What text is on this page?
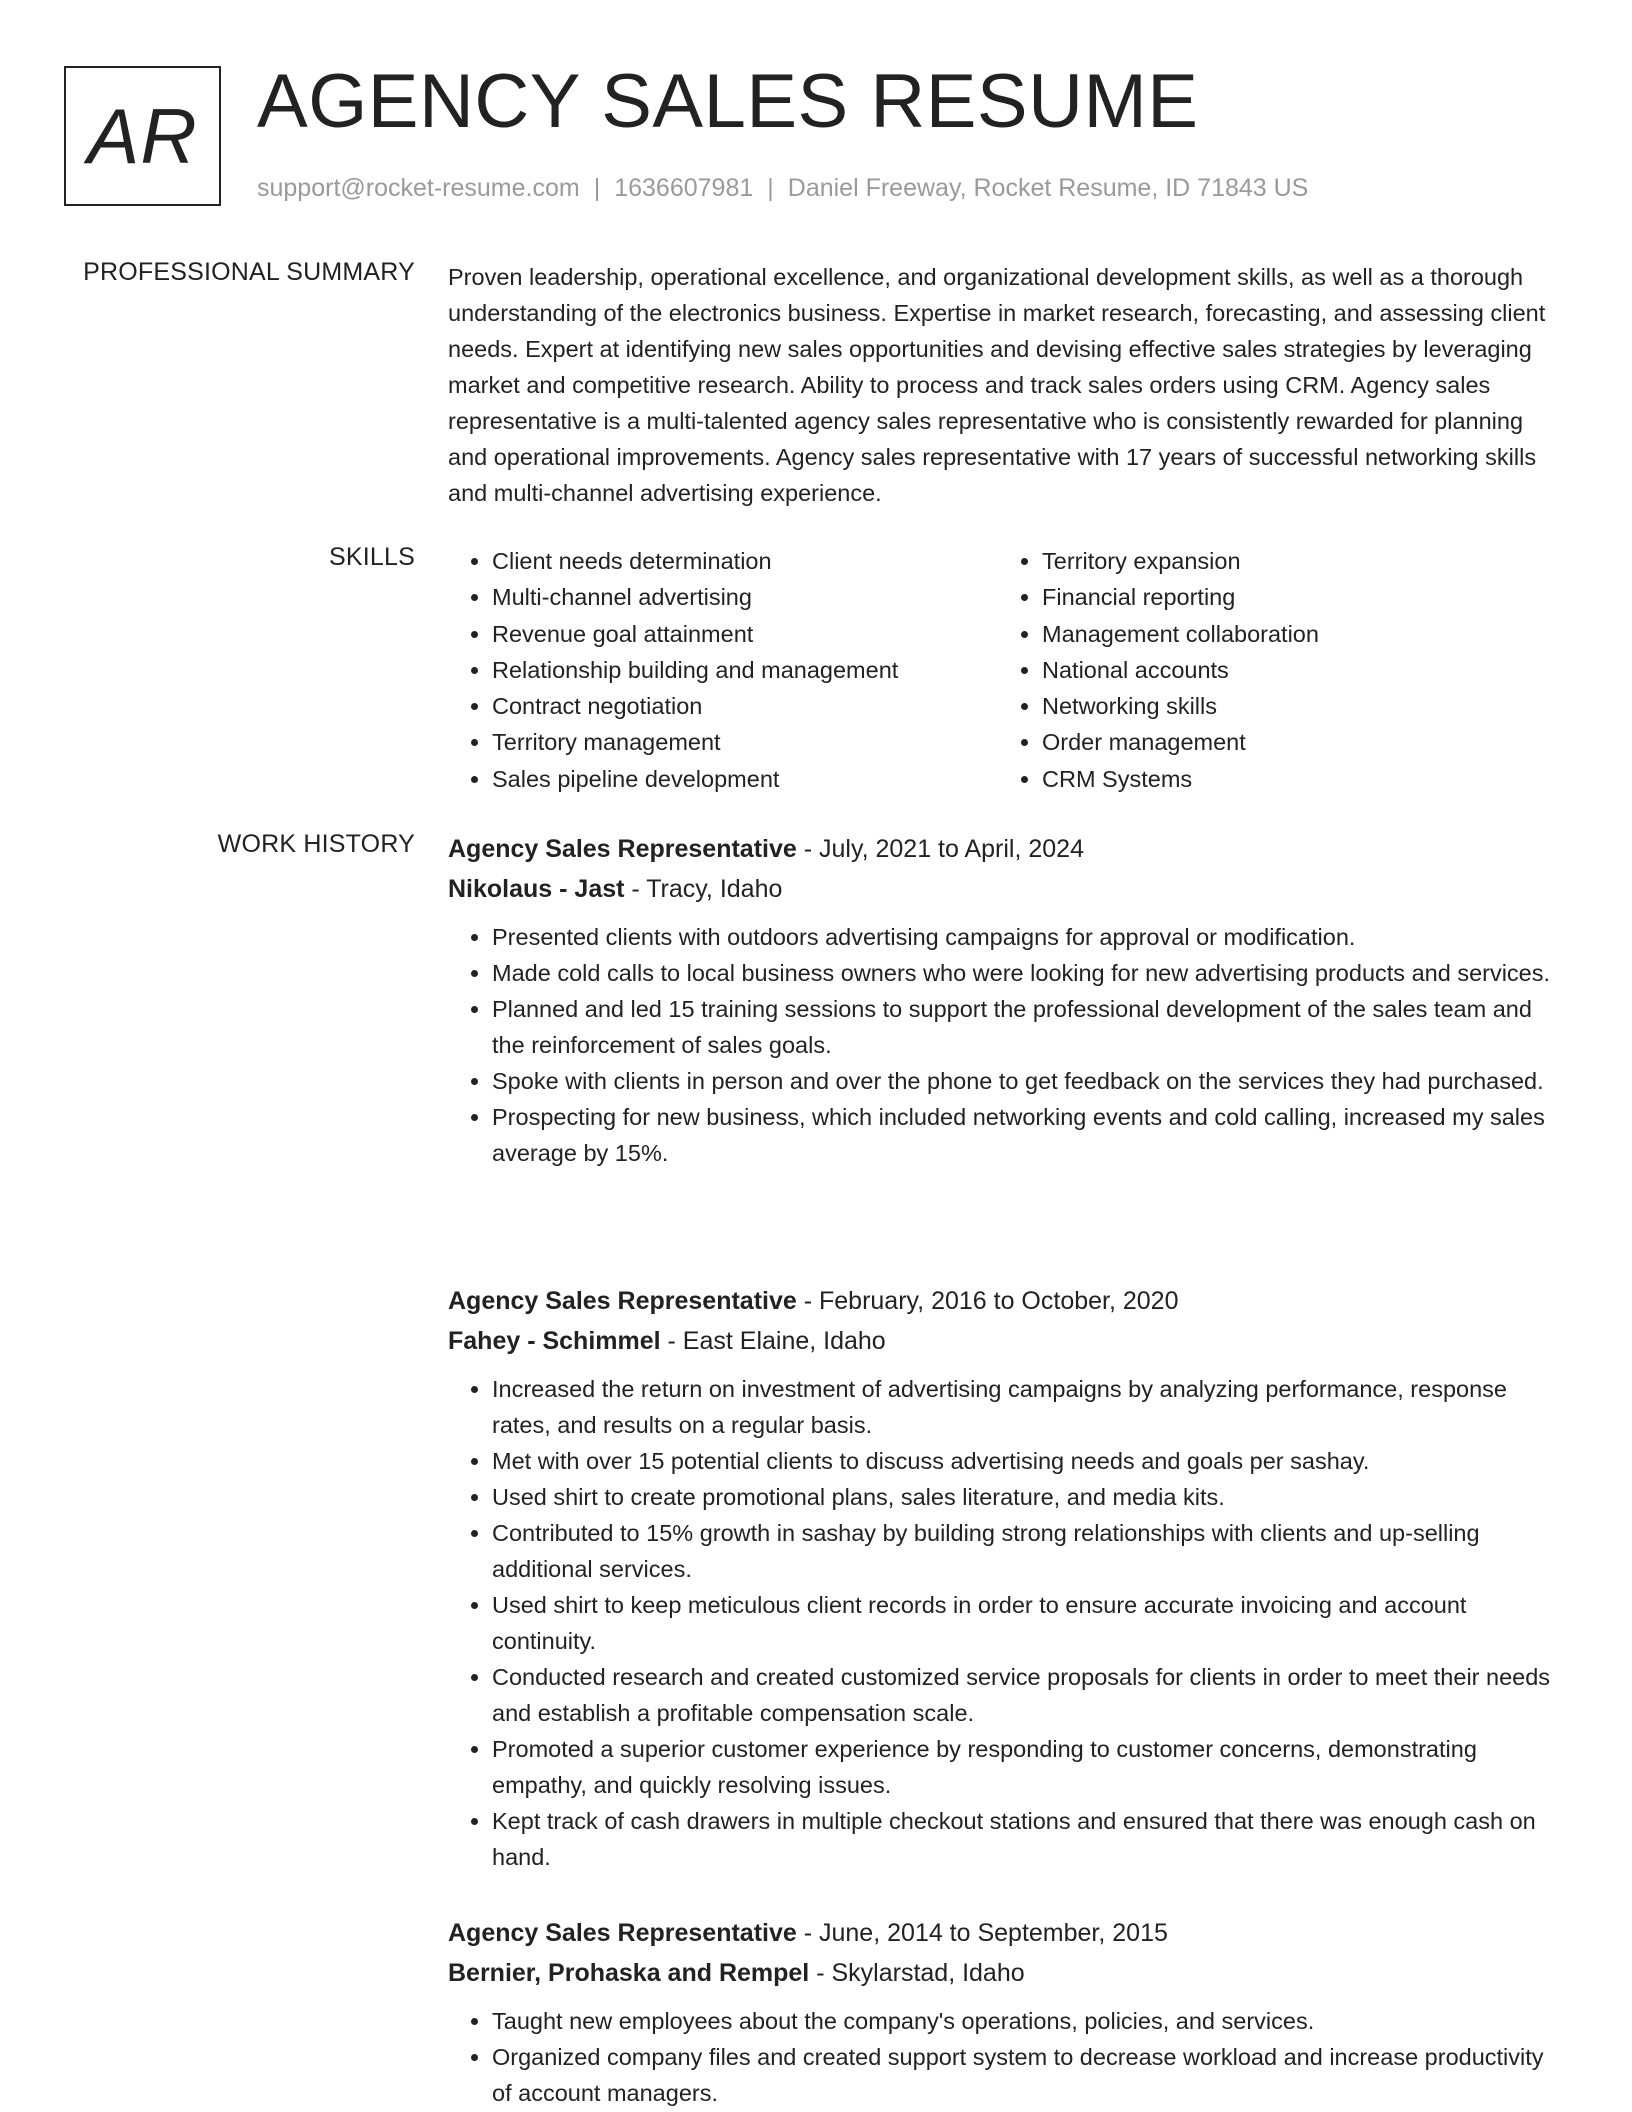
AR AGENCY SALES RESUME
support@rocket-resume.com | 1636607981 | Daniel Freeway, Rocket Resume, ID 71843 US
PROFESSIONAL SUMMARY Proven leadership, operational excellence, and organizational development skills, as well as a thorough understanding of the electronics business. Expertise in market research, forecasting, and assessing client needs. Expert at identifying new sales opportunities and devising effective sales strategies by leveraging market and competitive research. Ability to process and track sales orders using CRM. Agency sales representative is a multi-talented agency sales representative who is consistently rewarded for planning and operational improvements. Agency sales representative with 17 years of successful networking skills and multi-channel advertising experience.

SKILLS
•	Client needs determination
• Multi-channel advertising
• Revenue goal attainment
• Relationship building and management
• Contract negotiation
• Territory management
• Sales pipeline development
• Territory expansion
• Financial reporting
• Management collaboration
• National accounts
• Networking skills
• Order management
• CRM Systems
WORK HISTORY Agency Sales Representative - July, 2021 to April, 2024
Nikolaus - Jast - Tracy, Idaho
• Presented clients with outdoors advertising campaigns for approval or modification.
• Made cold calls to local business owners who were looking for new advertising products and services.
• Planned and led 15 training sessions to support the professional development of the sales team and the reinforcement of sales goals.
• Spoke with clients in person and over the phone to get feedback on the services they had purchased.
• Prospecting for new business, which included networking events and cold calling, increased my sales average by 15%.
Agency Sales Representative - February, 2016 to October, 2020
Fahey - Schimmel - East Elaine, Idaho
• Increased the return on investment of advertising campaigns by analyzing performance, response rates, and results on a regular basis.
• Met with over 15 potential clients to discuss advertising needs and goals per sashay.
• Used shirt to create promotional plans, sales literature, and media kits.
• Contributed to 15% growth in sashay by building strong relationships with clients and up-selling additional services.
• Used shirt to keep meticulous client records in order to ensure accurate invoicing and account continuity.
• Conducted research and created customized service proposals for clients in order to meet their needs and establish a profitable compensation scale.
• Promoted a superior customer experience by responding to customer concerns, demonstrating empathy, and quickly resolving issues.
• Kept track of cash drawers in multiple checkout stations and ensured that there was enough cash on hand.
Agency Sales Representative - June, 2014 to September, 2015
Bernier, Prohaska and Rempel - Skylarstad, Idaho
• Taught new employees about the company's operations, policies, and services.
• Organized company files and created support system to decrease workload and increase productivity of account managers.
